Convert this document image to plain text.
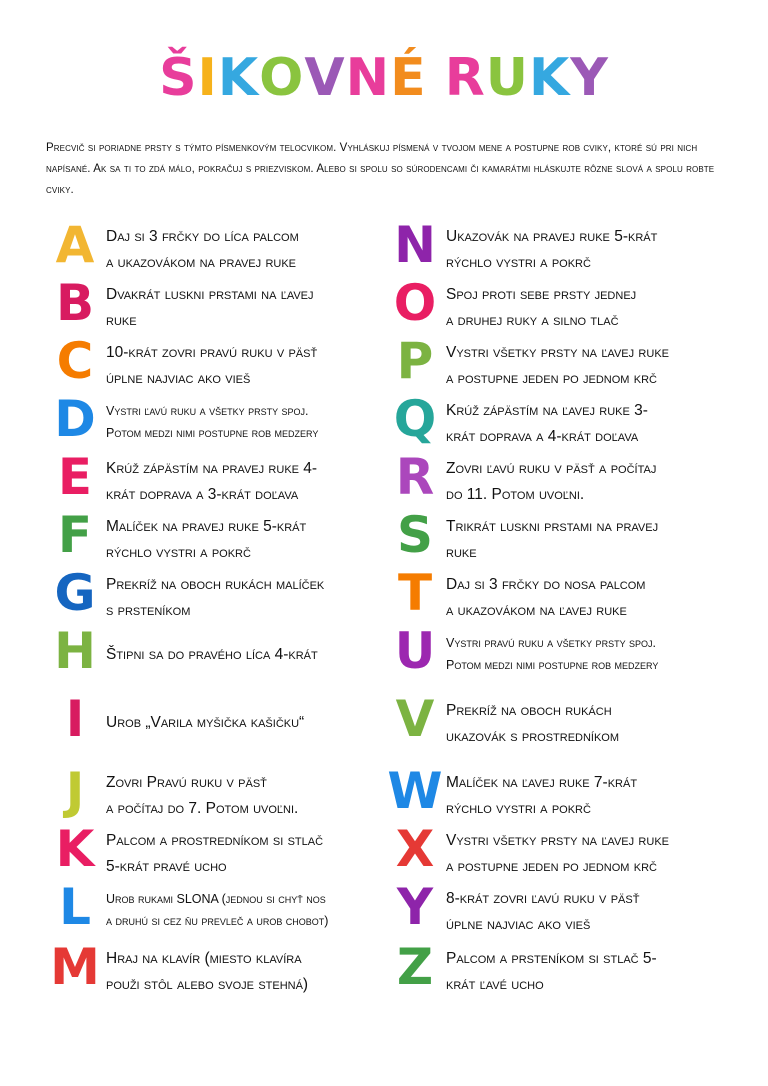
ŠIKOVNÉ RUKY
Precvič si poriadne prsty s týmto písmenkovým telocvikom. Vyhláskuj písmená v tvojom mene a postupne rob cviky, ktoré sú pri nich napísané. Ak sa ti to zdá málo, pokračuj s priezviskom. Alebo si spolu so súrodencami či kamarátmi hláskujte rôzne slová a spolu robte cviky.
A Daj si 3 frčky do líca palcom
a ukazovákom na pravej ruke
B Dvakrát luskni prstami na ľavej
ruke
C 10-krát zovri pravú ruku v päsť
úplne najviac ako vieš
D Vystri ľavú ruku a všetky prsty spoj.
Potom medzi nimi postupne rob medzery
E Krúž zápästím na pravej ruke 4-
krát doprava a 3-krát doľava
F Malíček na pravej ruke 5-krát
rýchlo vystri a pokrč
G Prekríž na oboch rukách malíček
s prsteníkom
H Štipni sa do pravého líca 4-krát
I	Urob „Varila myšička kašičku“
J	Zovri Pravú ruku v päsť
a počítaj do 7. Potom uvoľni.
K Palcom a prostredníkom si stlač
5-krát pravé ucho
L	Urob rukami SLONA (jednou si chyť nos
a druhú si cez ňu prevleč a urob chobot)
M Hraj na klavír (miesto klavíra
použi stôl alebo svoje stehná)
N Ukazovák na pravej ruke 5-krát
rýchlo vystri a pokrč
O Spoj proti sebe prsty jednej
a druhej ruky a silno tlač
P Vystri všetky prsty na ľavej ruke
a postupne jeden po jednom krč
Q Krúž zápästím na ľavej ruke 3-
krát doprava a 4-krát doľava
R Zovri ľavú ruku v päsť a počítaj
do 11. Potom uvoľni.
S Trikrát luskni prstami na pravej
ruke
T Daj si 3 frčky do nosa palcom
a ukazovákom na ľavej ruke
U Vystri pravú ruku a všetky prsty spoj.
Potom medzi nimi postupne rob medzery
V Prekríž na oboch rukách
ukazovák s prostredníkom
W Malíček na ľavej ruke 7-krát
rýchlo vystri a pokrč
X Vystri všetky prsty na ľavej ruke
a postupne jeden po jednom krč
Y 8-krát zovri ľavú ruku v päsť
úplne najviac ako vieš
Z Palcom a prsteníkom si stlač 5-
krát ľavé ucho
